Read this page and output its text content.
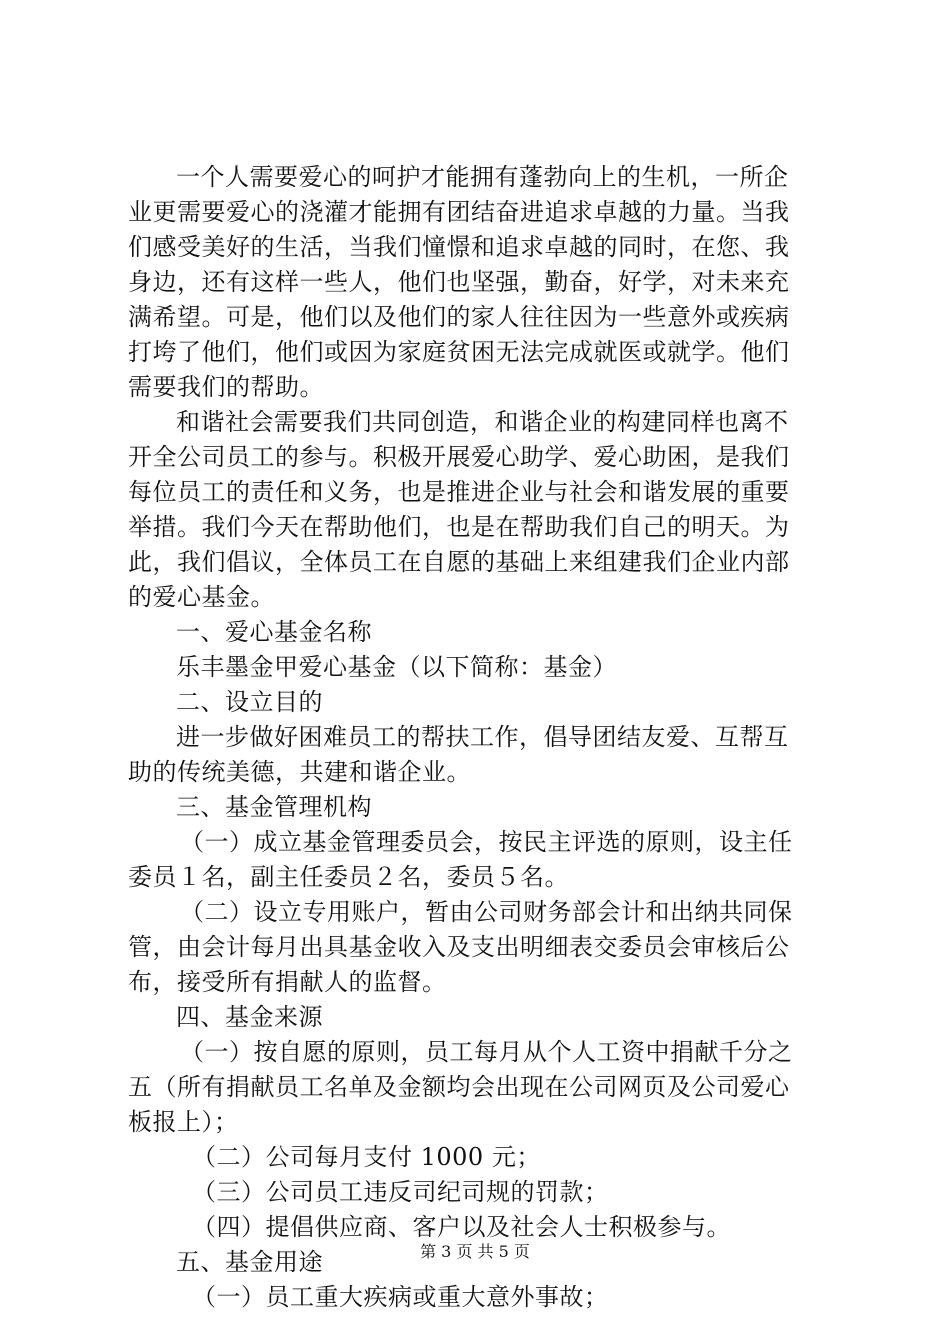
一个人需要爱心的呵护才能拥有蓬勃向上的生机，一所企
业更需要爱心的浇灌才能拥有团结奋进追求卓越的力量。当我
们感受美好的生活，当我们憧憬和追求卓越的同时，在您、我
身边，还有这样一些人，他们也坚强，勤奋，好学，对未来充
满希望。可是，他们以及他们的家人往往因为一些意外或疾病
打垮了他们，他们或因为家庭贫困无法完成就医或就学。他们
需要我们的帮助。
和谐社会需要我们共同创造，和谐企业的构建同样也离不
开全公司员工的参与。积极开展爱心助学、爱心助困，是我们
每位员工的责任和义务，也是推进企业与社会和谐发展的重要
举措。我们今天在帮助他们，也是在帮助我们自己的明天。为
此，我们倡议，全体员工在自愿的基础上来组建我们企业内部
的爱心基金。
一、爱心基金名称
乐丰墨金甲爱心基金（以下简称：基金）
二、设立目的
进一步做好困难员工的帮扶工作，倡导团结友爱、互帮互
助的传统美德，共建和谐企业。
三、基金管理机构
（一）成立基金管理委员会，按民主评选的原则，设主任
委员１名，副主任委员２名，委员５名。
（二）设立专用账户，暂由公司财务部会计和出纳共同保
管，由会计每月出具基金收入及支出明细表交委员会审核后公
布，接受所有捐献人的监督。
四、基金来源
（一）按自愿的原则，员工每月从个人工资中捐献千分之
五（所有捐献员工名单及金额均会出现在公司网页及公司爱心
板报上）；
（二）公司每月支付 1000 元；
（三）公司员工违反司纪司规的罚款；
（四）提倡供应商、客户以及社会人士积极参与。
五、基金用途
（一）员工重大疾病或重大意外事故；
第 3 页 共 5 页
